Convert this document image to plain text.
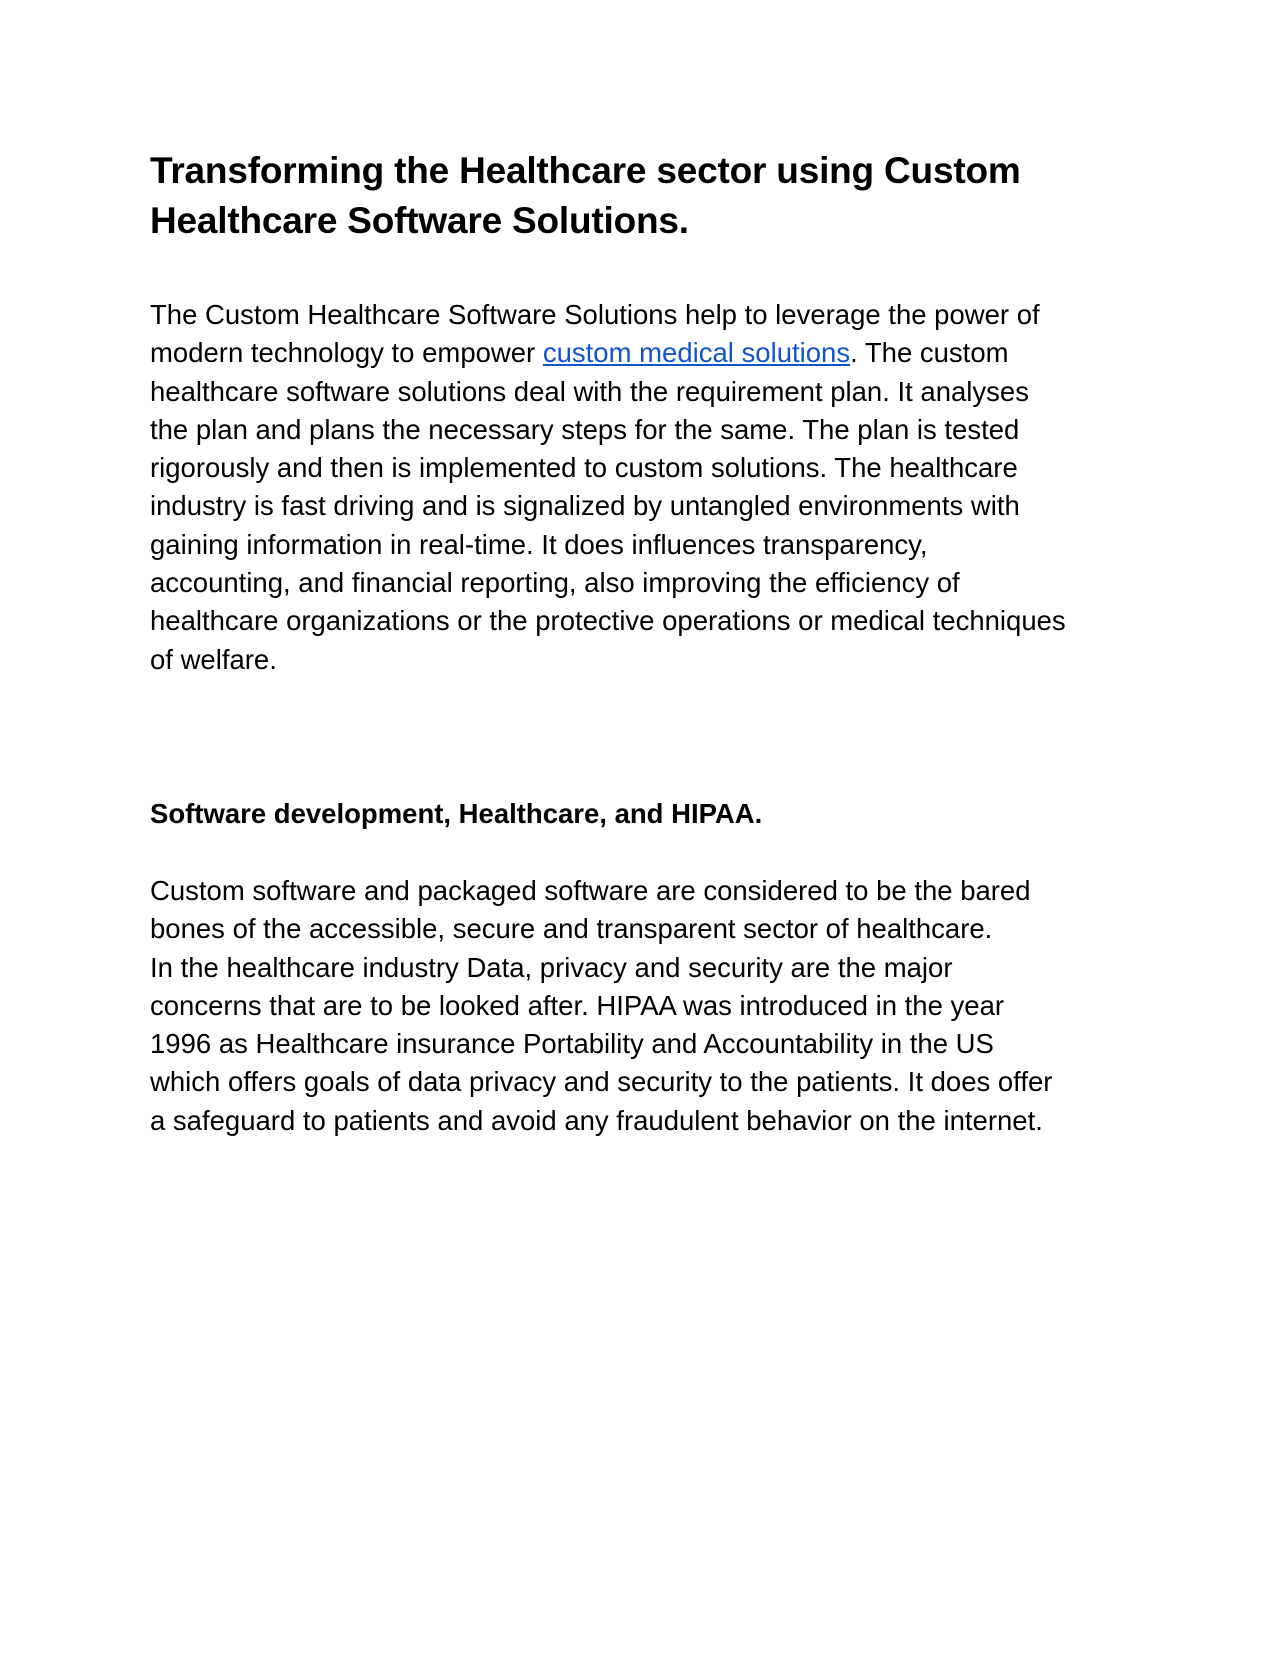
Transforming the Healthcare sector using Custom
Healthcare Software Solutions.

The Custom Healthcare Software Solutions help to leverage the power of
modern technology to empower custom medical solutions. The custom
healthcare software solutions deal with the requirement plan. It analyses
the plan and plans the necessary steps for the same. The plan is tested
rigorously and then is implemented to custom solutions. The healthcare
industry is fast driving and is signalized by untangled environments with
gaining information in real-time. It does influences transparency,
accounting, and financial reporting, also improving the efficiency of
healthcare organizations or the protective operations or medical techniques
of welfare.

Software development, Healthcare, and HIPAA.

Custom software and packaged software are considered to be the bared
bones of the accessible, secure and transparent sector of healthcare.
In the healthcare industry Data, privacy and security are the major
concerns that are to be looked after. HIPAA was introduced in the year
1996 as Healthcare insurance Portability and Accountability in the US
which offers goals of data privacy and security to the patients. It does offer
a safeguard to patients and avoid any fraudulent behavior on the internet.
